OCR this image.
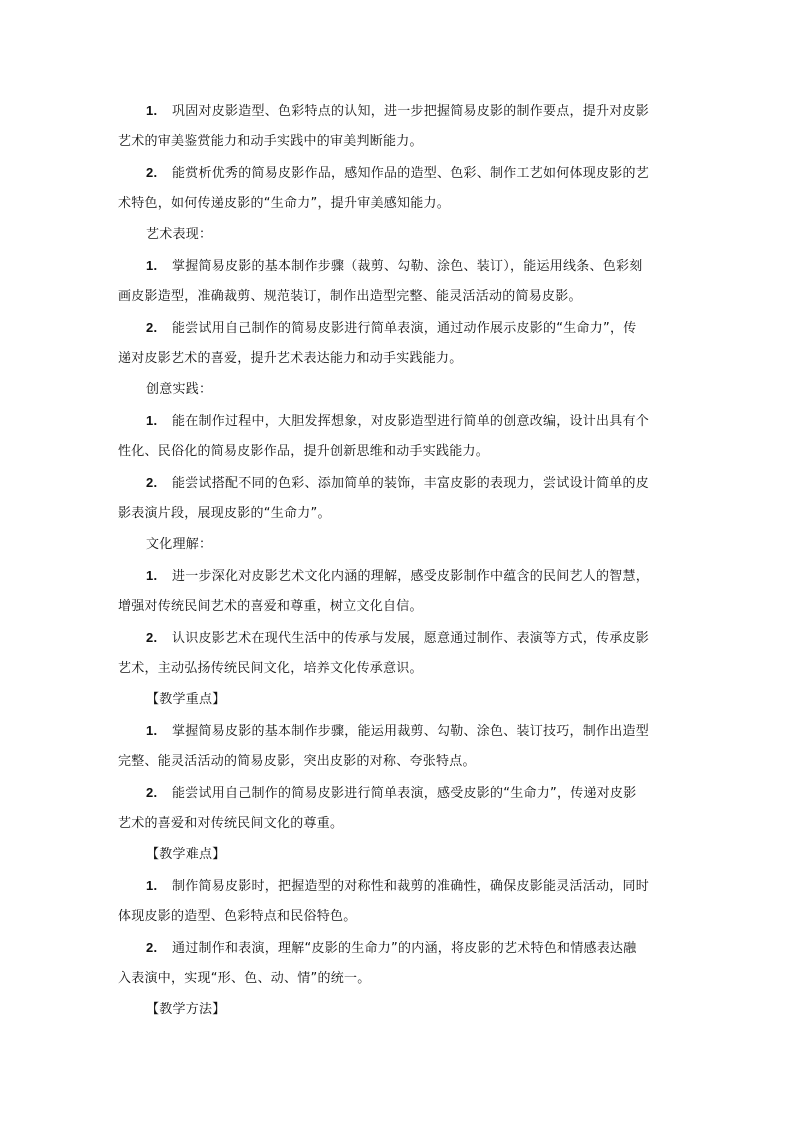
1. 巩固对皮影造型、色彩特点的认知，进一步把握简易皮影的制作要点，提升对皮影
艺术的审美鉴赏能力和动手实践中的审美判断能力。
2. 能赏析优秀的简易皮影作品，感知作品的造型、色彩、制作工艺如何体现皮影的艺
术特色，如何传递皮影的“生命力”，提升审美感知能力。
艺术表现：
1. 掌握简易皮影的基本制作步骤（裁剪、勾勒、涂色、装订），能运用线条、色彩刻
画皮影造型，准确裁剪、规范装订，制作出造型完整、能灵活活动的简易皮影。
2. 能尝试用自己制作的简易皮影进行简单表演，通过动作展示皮影的“生命力”，传
递对皮影艺术的喜爱，提升艺术表达能力和动手实践能力。
创意实践：
1. 能在制作过程中，大胆发挥想象，对皮影造型进行简单的创意改编，设计出具有个
性化、民俗化的简易皮影作品，提升创新思维和动手实践能力。
2. 能尝试搭配不同的色彩、添加简单的装饰，丰富皮影的表现力，尝试设计简单的皮
影表演片段，展现皮影的“生命力”。
文化理解：
1. 进一步深化对皮影艺术文化内涵的理解，感受皮影制作中蕴含的民间艺人的智慧，
增强对传统民间艺术的喜爱和尊重，树立文化自信。
2. 认识皮影艺术在现代生活中的传承与发展，愿意通过制作、表演等方式，传承皮影
艺术，主动弘扬传统民间文化，培养文化传承意识。
【教学重点】
1. 掌握简易皮影的基本制作步骤，能运用裁剪、勾勒、涂色、装订技巧，制作出造型
完整、能灵活活动的简易皮影，突出皮影的对称、夸张特点。
2. 能尝试用自己制作的简易皮影进行简单表演，感受皮影的“生命力”，传递对皮影
艺术的喜爱和对传统民间文化的尊重。
【教学难点】
1. 制作简易皮影时，把握造型的对称性和裁剪的准确性，确保皮影能灵活活动，同时
体现皮影的造型、色彩特点和民俗特色。
2. 通过制作和表演，理解“皮影的生命力”的内涵，将皮影的艺术特色和情感表达融
入表演中，实现“形、色、动、情”的统一。
【教学方法】
